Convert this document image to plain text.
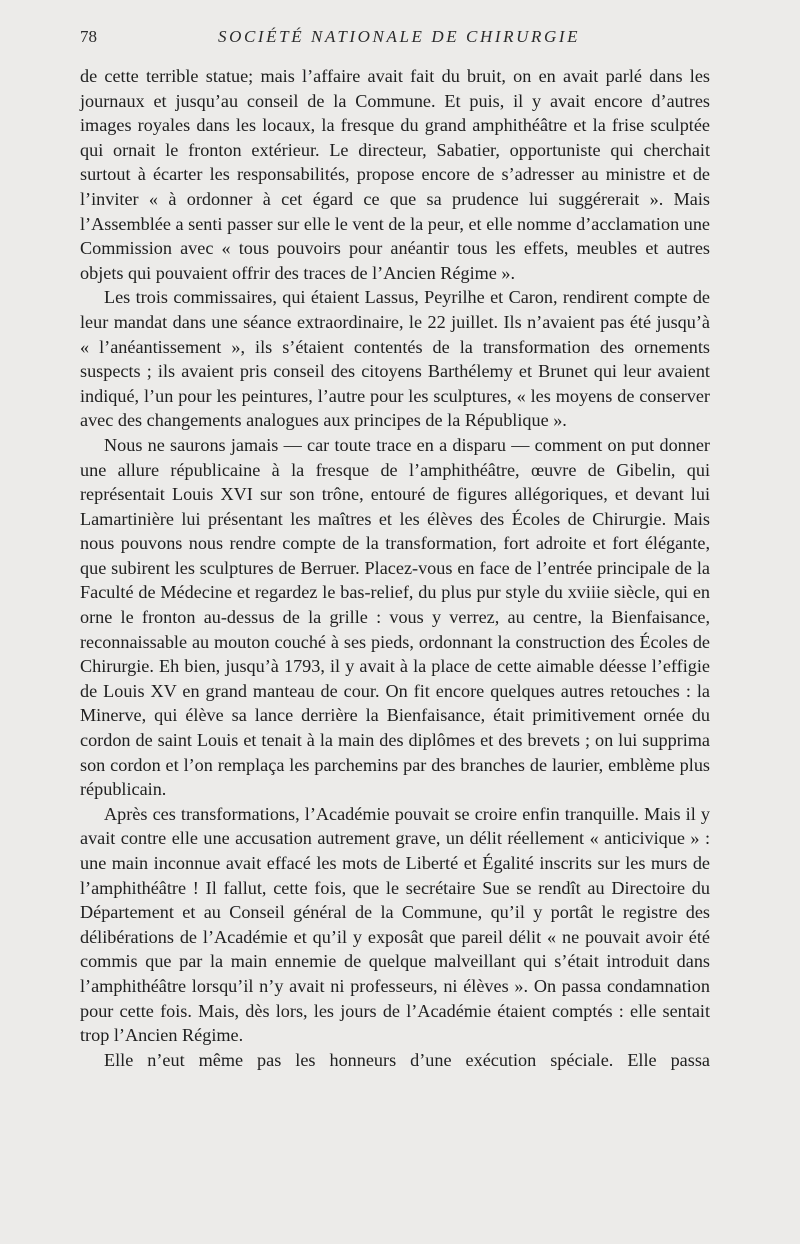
78	SOCIÉTÉ NATIONALE DE CHIRURGIE

de cette terrible statue; mais l’affaire avait fait du bruit, on en avait parlé dans les journaux et jusqu’au conseil de la Commune. Et puis, il y avait encore d’autres images royales dans les locaux, la fresque du grand amphithéâtre et la frise sculptée qui ornait le fronton extérieur. Le directeur, Sabatier, opportuniste qui cherchait surtout à écarter les responsabilités, propose encore de s’adresser au ministre et de l’inviter « à ordonner à cet égard ce que sa prudence lui suggérerait ». Mais l’Assemblée a senti passer sur elle le vent de la peur, et elle nomme d’acclamation une Commission avec « tous pouvoirs pour anéantir tous les effets, meubles et autres objets qui pouvaient offrir des traces de l’Ancien Régime ».

Les trois commissaires, qui étaient Lassus, Peyrilhe et Caron, rendirent compte de leur mandat dans une séance extraordinaire, le 22 juillet. Ils n’avaient pas été jusqu’à « l’anéantissement », ils s’étaient contentés de la transformation des ornements suspects ; ils avaient pris conseil des citoyens Barthélemy et Brunet qui leur avaient indiqué, l’un pour les peintures, l’autre pour les sculptures, « les moyens de conserver avec des changements analogues aux principes de la République ».

Nous ne saurons jamais — car toute trace en a disparu — comment on put donner une allure républicaine à la fresque de l’amphithéâtre, œuvre de Gibelin, qui représentait Louis XVI sur son trône, entouré de figures allégoriques, et devant lui Lamartinière lui présentant les maîtres et les élèves des Écoles de Chirurgie. Mais nous pouvons nous rendre compte de la transformation, fort adroite et fort élégante, que subirent les sculptures de Berruer. Placez-vous en face de l’entrée principale de la Faculté de Médecine et regardez le bas-relief, du plus pur style du xviiie siècle, qui en orne le fronton au-dessus de la grille : vous y verrez, au centre, la Bienfaisance, reconnaissable au mouton couché à ses pieds, ordonnant la construction des Écoles de Chirurgie. Eh bien, jusqu’à 1793, il y avait à la place de cette aimable déesse l’effigie de Louis XV en grand manteau de cour. On fit encore quelques autres retouches : la Minerve, qui élève sa lance derrière la Bienfaisance, était primitivement ornée du cordon de saint Louis et tenait à la main des diplômes et des brevets ; on lui supprima son cordon et l’on remplaça les parchemins par des branches de laurier, emblème plus républicain.

Après ces transformations, l’Académie pouvait se croire enfin tranquille. Mais il y avait contre elle une accusation autrement grave, un délit réellement « anticivique » : une main inconnue avait effacé les mots de Liberté et Égalité inscrits sur les murs de l’amphithéâtre ! Il fallut, cette fois, que le secrétaire Sue se rendît au Directoire du Département et au Conseil général de la Commune, qu’il y portât le registre des délibérations de l’Académie et qu’il y exposât que pareil délit « ne pouvait avoir été commis que par la main ennemie de quelque malveillant qui s’était introduit dans l’amphithéâtre lorsqu’il n’y avait ni professeurs, ni élèves ». On passa condamnation pour cette fois. Mais, dès lors, les jours de l’Académie étaient comptés : elle sentait trop l’Ancien Régime.

Elle n’eut même pas les honneurs d’une exécution spéciale. Elle passa
